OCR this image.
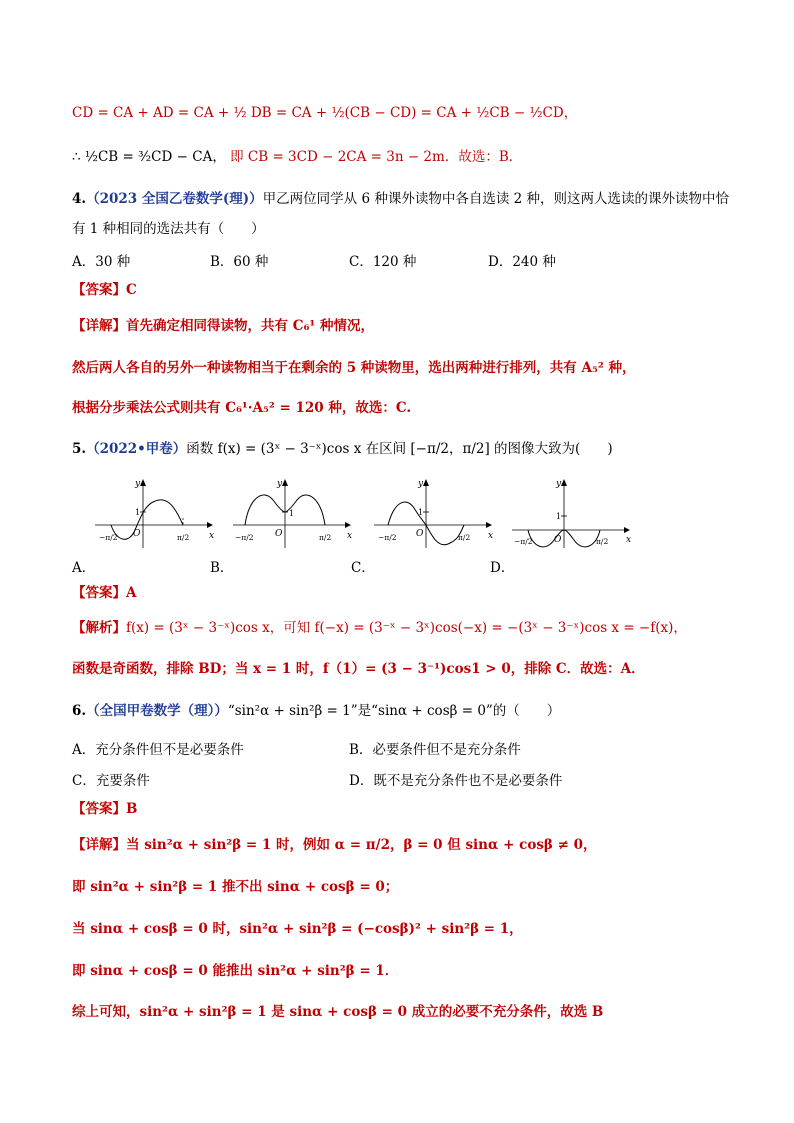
CD = CA + AD = CA + ½ DB = CA + ½(CB − CD) = CA + ½CB − ½CD，
∴ ½CB = ³⁄₂CD − CA， 即 CB = 3CD − 2CA = 3n − 2m．故选：B．
4.（2023 全国乙卷数学(理)）甲乙两位同学从 6 种课外读物中各自选读 2 种，则这两人选读的课外读物中恰
有 1 种相同的选法共有（　　）
A．30 种	B．60 种	C．120 种	D．240 种
【答案】C
【详解】首先确定相同得读物，共有 C₆¹ 种情况，
然后两人各自的另外一种读物相当于在剩余的 5 种读物里，选出两种进行排列，共有 A₅² 种，
根据分步乘法公式则共有 C₆¹·A₅² = 120 种，故选：C.
5.（2022•甲卷）函数 f(x) = (3ˣ − 3⁻ˣ)cos x 在区间 [−π/2，π/2] 的图像大致为(　　)
y
x
O
1
−π/2	π/2
y
x
O
1
−π/2	π/2
y
x
O
1
−π/2	π/2
y
x
O
1
−π/2	π/2
A．	B．	C．	D．
【答案】A
【解析】f(x) = (3ˣ − 3⁻ˣ)cos x，可知 f(−x) = (3⁻ˣ − 3ˣ)cos(−x) = −(3ˣ − 3⁻ˣ)cos x = −f(x)，
函数是奇函数，排除 BD；当 x = 1 时，f（1）= (3 − 3⁻¹)cos1 > 0，排除 C．故选：A．
6.（全国甲卷数学（理））“sin²α + sin²β = 1”是“sinα + cosβ = 0”的（　　）
A．充分条件但不是必要条件	B．必要条件但不是充分条件
C．充要条件	D．既不是充分条件也不是必要条件
【答案】B
【详解】当 sin²α + sin²β = 1 时，例如 α = π/2，β = 0 但 sinα + cosβ ≠ 0，
即 sin²α + sin²β = 1 推不出 sinα + cosβ = 0；
当 sinα + cosβ = 0 时，sin²α + sin²β = (−cosβ)² + sin²β = 1，
即 sinα + cosβ = 0 能推出 sin²α + sin²β = 1．
综上可知，sin²α + sin²β = 1 是 sinα + cosβ = 0 成立的必要不充分条件，故选 B
